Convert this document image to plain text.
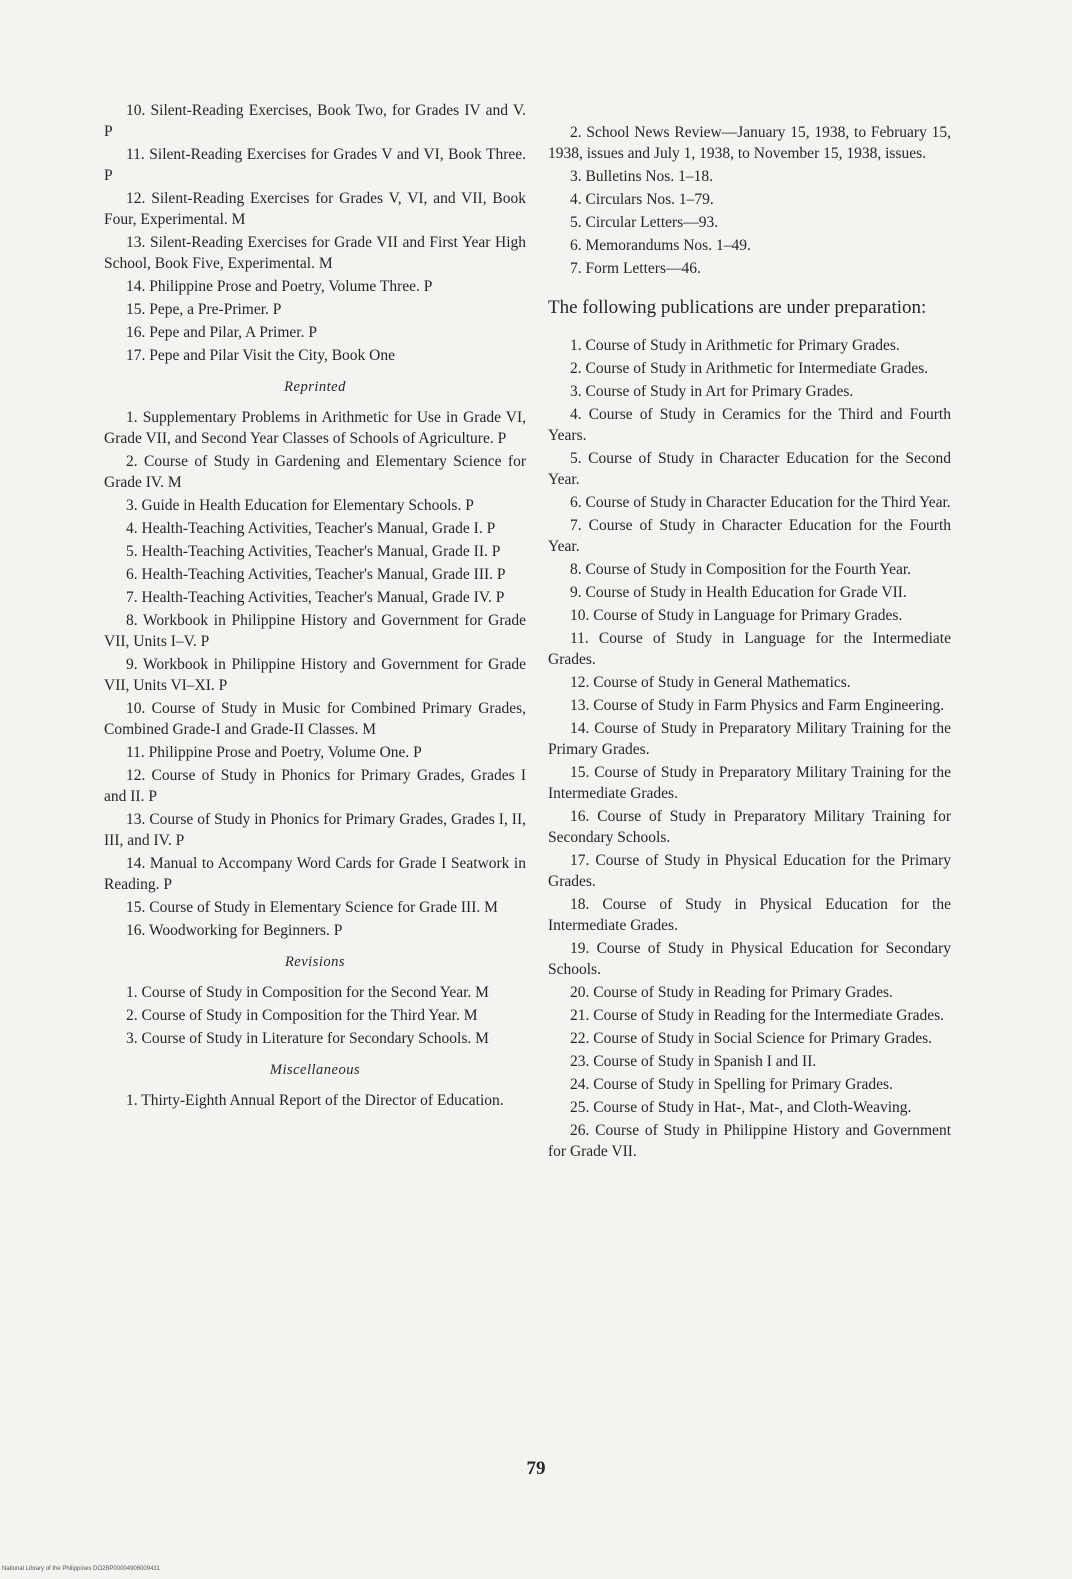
10. Silent-Reading Exercises, Book Two, for Grades IV and V. P

11. Silent-Reading Exercises for Grades V and VI, Book Three. P

12. Silent-Reading Exercises for Grades V, VI, and VII, Book Four, Experimental. M

13. Silent-Reading Exercises for Grade VII and First Year High School, Book Five, Experimental. M

14. Philippine Prose and Poetry, Volume Three. P

15. Pepe, a Pre-Primer. P

16. Pepe and Pilar, A Primer. P

17. Pepe and Pilar Visit the City, Book One

Reprinted

1. Supplementary Problems in Arithmetic for Use in Grade VI, Grade VII, and Second Year Classes of Schools of Agriculture. P

2. Course of Study in Gardening and Elementary Science for Grade IV. M

3. Guide in Health Education for Elementary Schools. P

4. Health-Teaching Activities, Teacher's Manual, Grade I. P

5. Health-Teaching Activities, Teacher's Manual, Grade II. P

6. Health-Teaching Activities, Teacher's Manual, Grade III. P

7. Health-Teaching Activities, Teacher's Manual, Grade IV. P

8. Workbook in Philippine History and Government for Grade VII, Units I–V. P

9. Workbook in Philippine History and Government for Grade VII, Units VI–XI. P

10. Course of Study in Music for Combined Primary Grades, Combined Grade-I and Grade-II Classes. M

11. Philippine Prose and Poetry, Volume One. P

12. Course of Study in Phonics for Primary Grades, Grades I and II. P

13. Course of Study in Phonics for Primary Grades, Grades I, II, III, and IV. P

14. Manual to Accompany Word Cards for Grade I Seatwork in Reading. P

15. Course of Study in Elementary Science for Grade III. M

16. Woodworking for Beginners. P

Revisions

1. Course of Study in Composition for the Second Year. M

2. Course of Study in Composition for the Third Year. M

3. Course of Study in Literature for Secondary Schools. M

Miscellaneous

1. Thirty-Eighth Annual Report of the Director of Education.

2. School News Review—January 15, 1938, to February 15, 1938, issues and July 1, 1938, to November 15, 1938, issues.

3. Bulletins Nos. 1–18.

4. Circulars Nos. 1–79.

5. Circular Letters—93.

6. Memorandums Nos. 1–49.

7. Form Letters—46.

The following publications are under preparation:

1. Course of Study in Arithmetic for Primary Grades.

2. Course of Study in Arithmetic for Intermediate Grades.

3. Course of Study in Art for Primary Grades.

4. Course of Study in Ceramics for the Third and Fourth Years.

5. Course of Study in Character Education for the Second Year.

6. Course of Study in Character Education for the Third Year.

7. Course of Study in Character Education for the Fourth Year.

8. Course of Study in Composition for the Fourth Year.

9. Course of Study in Health Education for Grade VII.

10. Course of Study in Language for Primary Grades.

11. Course of Study in Language for the Intermediate Grades.

12. Course of Study in General Mathematics.

13. Course of Study in Farm Physics and Farm Engineering.

14. Course of Study in Preparatory Military Training for the Primary Grades.

15. Course of Study in Preparatory Military Training for the Intermediate Grades.

16. Course of Study in Preparatory Military Training for Secondary Schools.

17. Course of Study in Physical Education for the Primary Grades.

18. Course of Study in Physical Education for the Intermediate Grades.

19. Course of Study in Physical Education for Secondary Schools.

20. Course of Study in Reading for Primary Grades.

21. Course of Study in Reading for the Intermediate Grades.

22. Course of Study in Social Science for Primary Grades.

23. Course of Study in Spanish I and II.

24. Course of Study in Spelling for Primary Grades.

25. Course of Study in Hat-, Mat-, and Cloth-Weaving.

26. Course of Study in Philippine History and Government for Grade VII.

79
National Library of the Philippines DO2BP00004906009431
